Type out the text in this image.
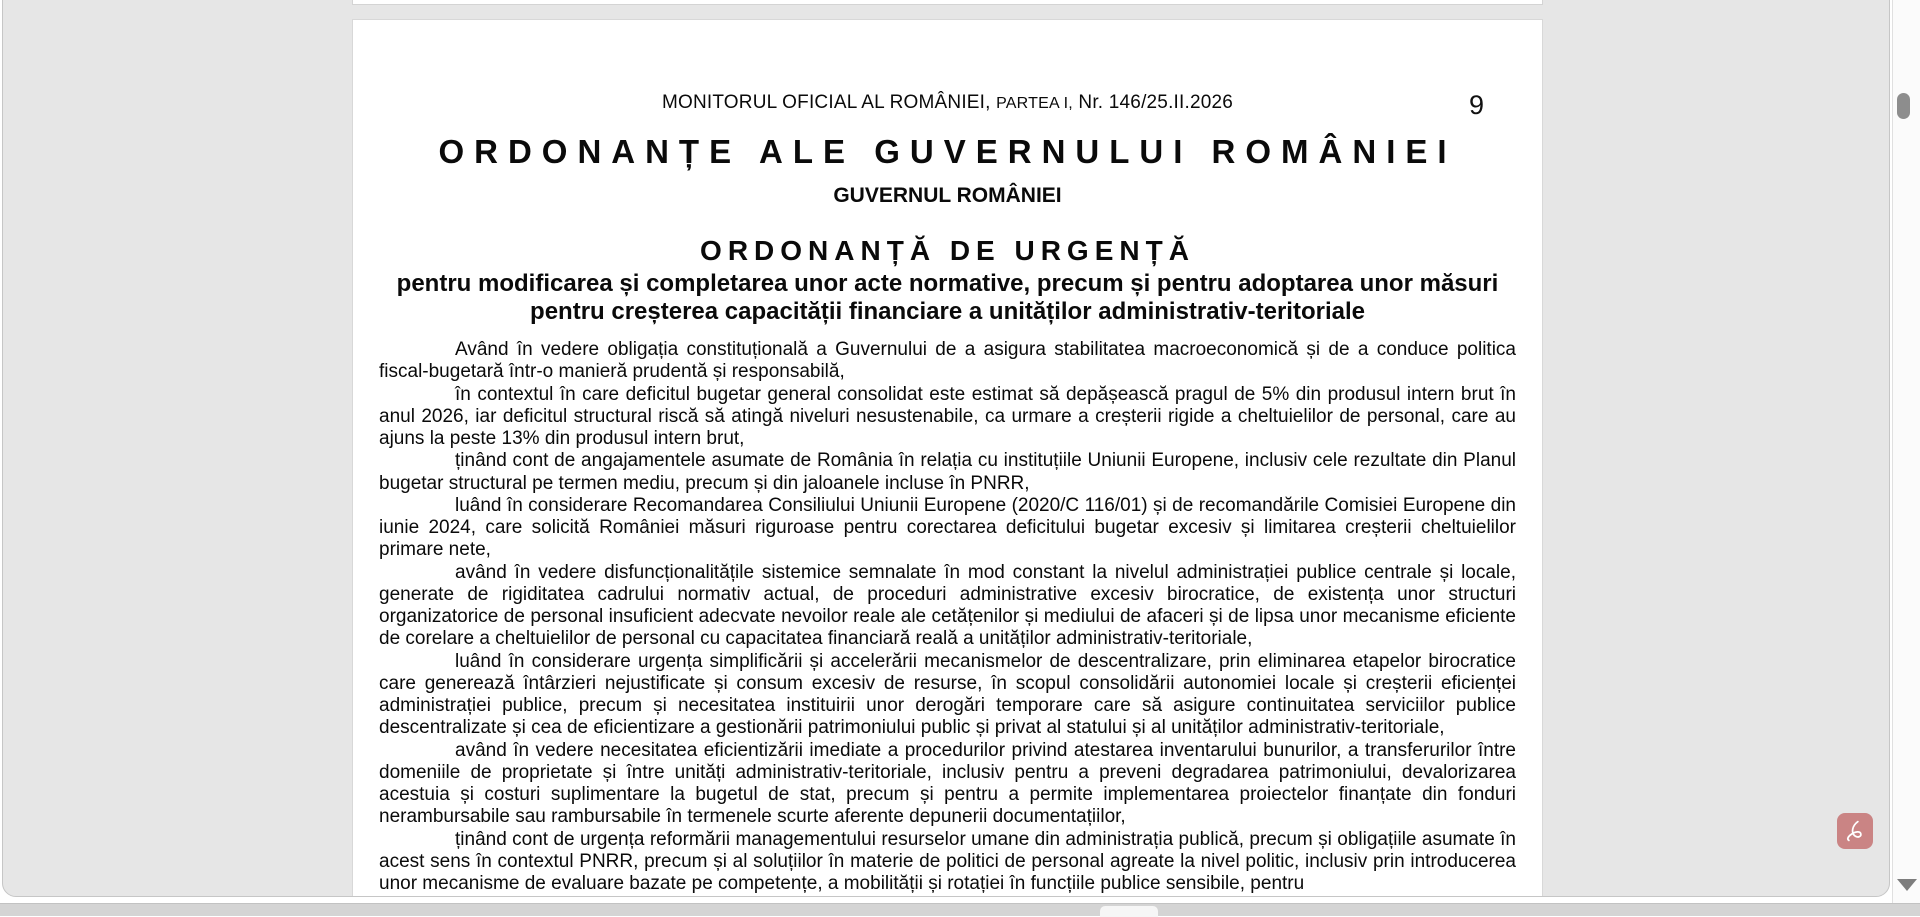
9
MONITORUL OFICIAL AL ROMÂNIEI, PARTEA I, Nr. 146/25.II.2026
ORDONANȚE ALE GUVERNULUI ROMÂNIEI
GUVERNUL ROMÂNIEI
ORDONANȚĂ DE URGENȚĂ
pentru modificarea și completarea unor acte normative, precum și pentru adoptarea unor măsuri
pentru creșterea capacității financiare a unităților administrativ-teritoriale

Având în vedere obligația constituțională a Guvernului de a asigura stabilitatea macroeconomică și de a conduce politica fiscal-bugetară într-o manieră prudentă și responsabilă,

în contextul în care deficitul bugetar general consolidat este estimat să depășească pragul de 5% din produsul intern brut în anul 2026, iar deficitul structural riscă să atingă niveluri nesustenabile, ca urmare a creșterii rigide a cheltuielilor de personal, care au ajuns la peste 13% din produsul intern brut,

ținând cont de angajamentele asumate de România în relația cu instituțiile Uniunii Europene, inclusiv cele rezultate din Planul bugetar structural pe termen mediu, precum și din jaloanele incluse în PNRR,

luând în considerare Recomandarea Consiliului Uniunii Europene (2020/C 116/01) și de recomandările Comisiei Europene din iunie 2024, care solicită României măsuri riguroase pentru corectarea deficitului bugetar excesiv și limitarea creșterii cheltuielilor primare nete,

având în vedere disfuncționalitățile sistemice semnalate în mod constant la nivelul administrației publice centrale și locale, generate de rigiditatea cadrului normativ actual, de proceduri administrative excesiv birocratice, de existența unor structuri organizatorice de personal insuficient adecvate nevoilor reale ale cetățenilor și mediului de afaceri și de lipsa unor mecanisme eficiente de corelare a cheltuielilor de personal cu capacitatea financiară reală a unităților administrativ-teritoriale,

luând în considerare urgența simplificării și accelerării mecanismelor de descentralizare, prin eliminarea etapelor birocratice care generează întârzieri nejustificate și consum excesiv de resurse, în scopul consolidării autonomiei locale și creșterii eficienței administrației publice, precum și necesitatea instituirii unor derogări temporare care să asigure continuitatea serviciilor publice descentralizate și cea de eficientizare a gestionării patrimoniului public și privat al statului și al unităților administrativ-teritoriale,

având în vedere necesitatea eficientizării imediate a procedurilor privind atestarea inventarului bunurilor, a transferurilor între domeniile de proprietate și între unități administrativ-teritoriale, inclusiv pentru a preveni degradarea patrimoniului, devalorizarea acestuia și costuri suplimentare la bugetul de stat, precum și pentru a permite implementarea proiectelor finanțate din fonduri nerambursabile sau rambursabile în termenele scurte aferente depunerii documentațiilor,

ținând cont de urgența reformării managementului resurselor umane din administrația publică, precum și obligațiile asumate în acest sens în contextul PNRR, precum și al soluțiilor în materie de politici de personal agreate la nivel politic, inclusiv prin introducerea unor mecanisme de evaluare bazate pe competențe, a mobilității și rotației în funcțiile publice sensibile, pentru
